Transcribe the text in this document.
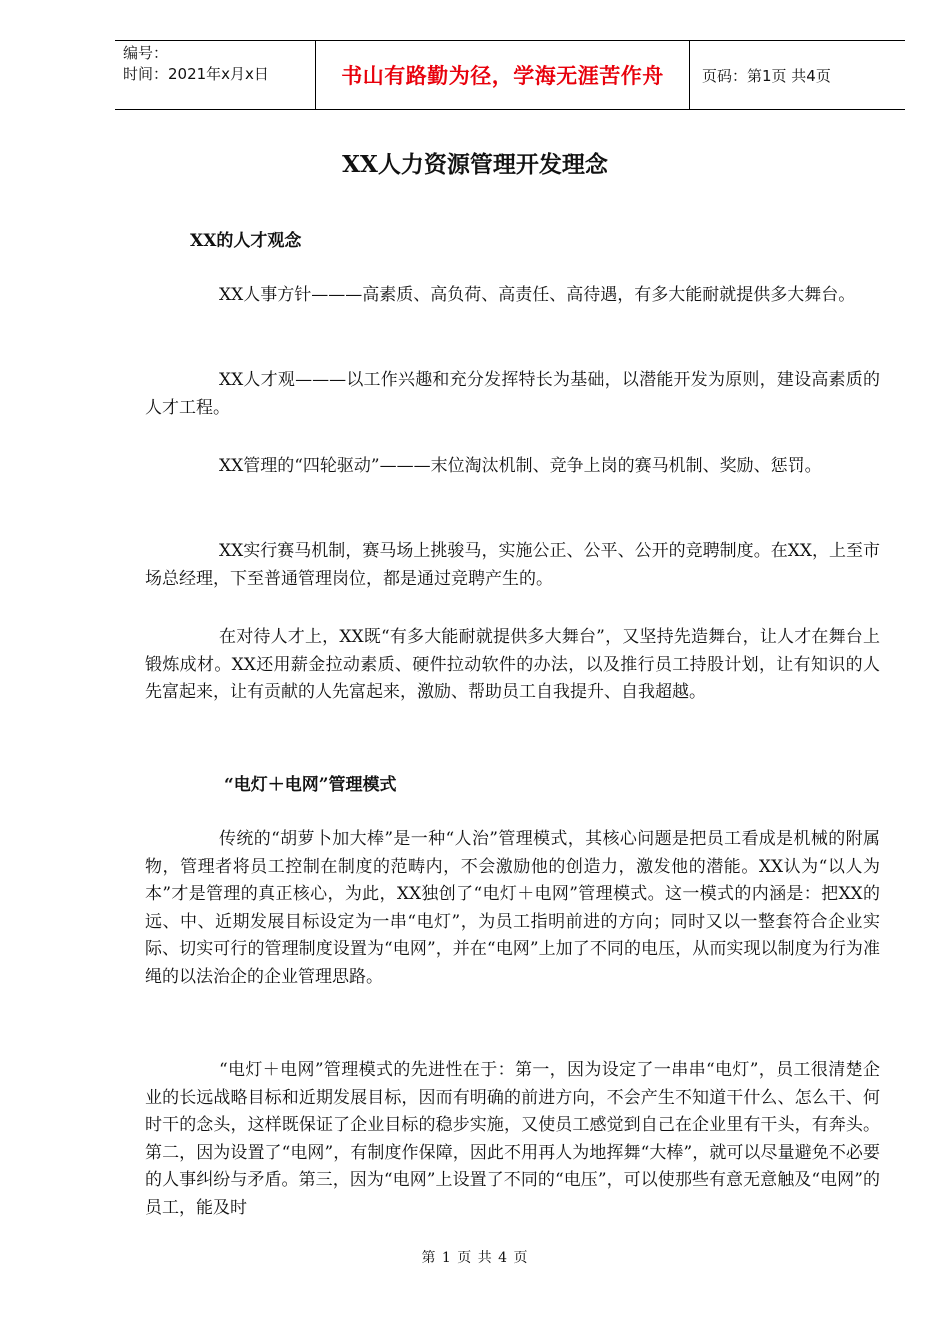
编号：
时间：2021年x月x日	书山有路勤为径，学海无涯苦作舟	页码：第1页 共4页
XX人力资源管理开发理念
XX的人才观念
XX人事方针———高素质、高负荷、高责任、高待遇，有多大能耐就提供多大舞台。
XX人才观———以工作兴趣和充分发挥特长为基础，以潜能开发为原则，建设高素质的人才工程。
XX管理的“四轮驱动”———末位淘汰机制、竞争上岗的赛马机制、奖励、惩罚。
XX实行赛马机制，赛马场上挑骏马，实施公正、公平、公开的竞聘制度。在XX，上至市场总经理，下至普通管理岗位，都是通过竞聘产生的。
在对待人才上，XX既“有多大能耐就提供多大舞台”，又坚持先造舞台，让人才在舞台上锻炼成材。XX还用薪金拉动素质、硬件拉动软件的办法，以及推行员工持股计划，让有知识的人先富起来，让有贡献的人先富起来，激励、帮助员工自我提升、自我超越。
“电灯＋电网”管理模式
传统的“胡萝卜加大棒”是一种“人治”管理模式，其核心问题是把员工看成是机械的附属物，管理者将员工控制在制度的范畴内，不会激励他的创造力，激发他的潜能。XX认为“以人为本”才是管理的真正核心，为此，XX独创了“电灯＋电网”管理模式。这一模式的内涵是：把XX的远、中、近期发展目标设定为一串“电灯”，为员工指明前进的方向；同时又以一整套符合企业实际、切实可行的管理制度设置为“电网”，并在“电网”上加了不同的电压，从而实现以制度为行为准绳的以法治企的企业管理思路。
“电灯＋电网”管理模式的先进性在于：第一，因为设定了一串串“电灯”，员工很清楚企业的长远战略目标和近期发展目标，因而有明确的前进方向，不会产生不知道干什么、怎么干、何时干的念头，这样既保证了企业目标的稳步实施，又使员工感觉到自己在企业里有干头，有奔头。第二，因为设置了“电网”，有制度作保障，因此不用再人为地挥舞“大棒”，就可以尽量避免不必要的人事纠纷与矛盾。第三，因为“电网”上设置了不同的“电压”，可以使那些有意无意触及“电网”的员工，能及时
第 1 页 共 4 页
